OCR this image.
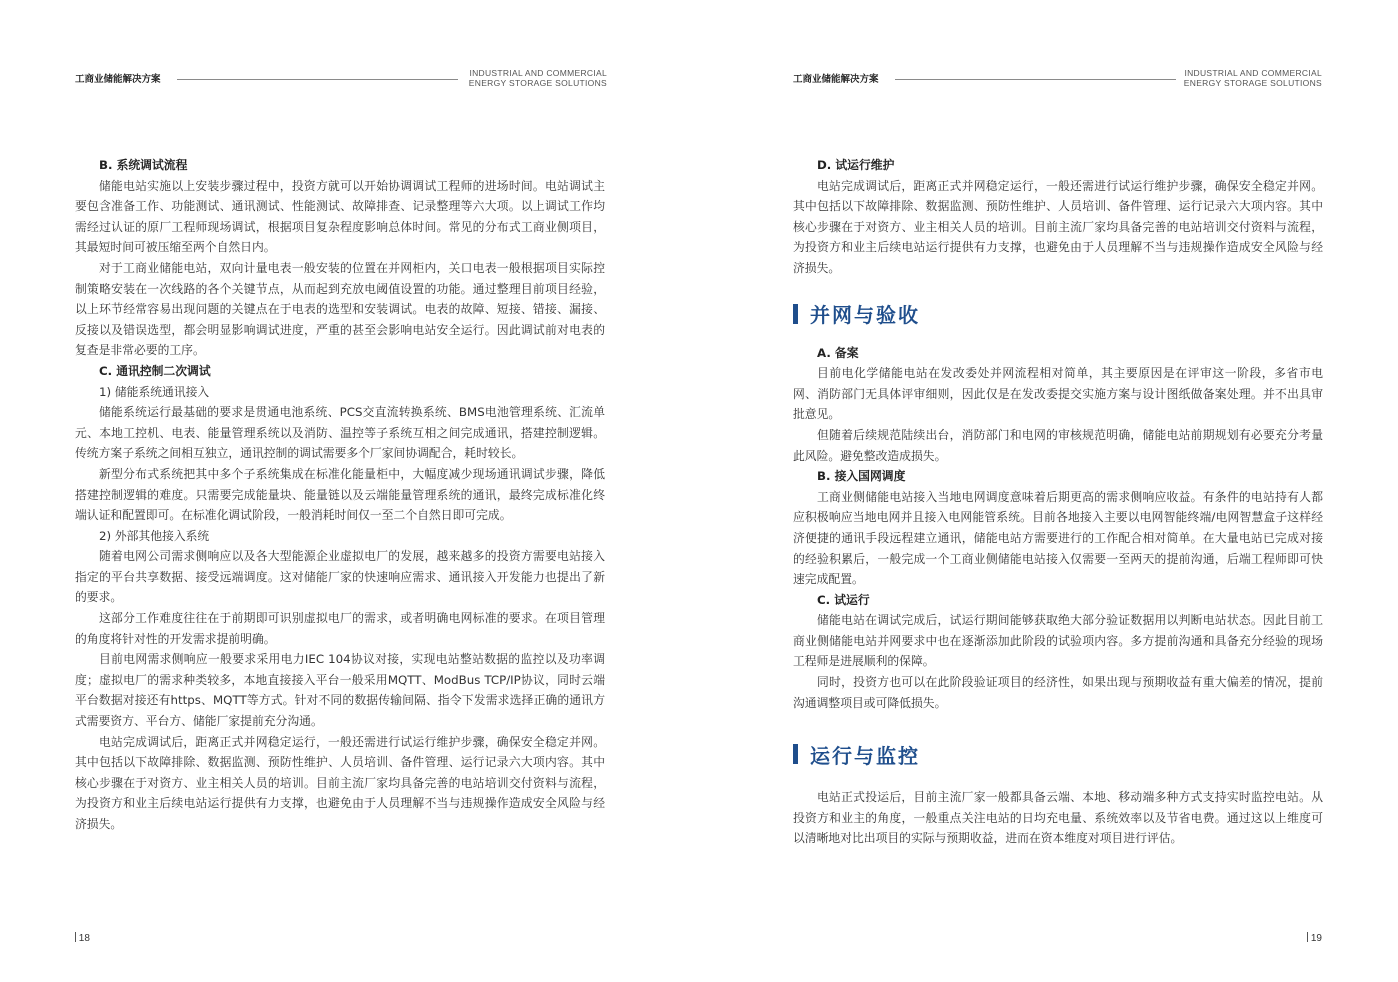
工商业储能解决方案
INDUSTRIAL AND COMMERCIAL
ENERGY STORAGE SOLUTIONS
B. 系统调试流程

储能电站实施以上安装步骤过程中，投资方就可以开始协调调试工程师的进场时间。电站调试主要包含准备工作、功能测试、通讯测试、性能测试、故障排查、记录整理等六大项。以上调试工作均需经过认证的原厂工程师现场调试，根据项目复杂程度影响总体时间。常见的分布式工商业侧项目，其最短时间可被压缩至两个自然日内。

对于工商业储能电站，双向计量电表一般安装的位置在并网柜内，关口电表一般根据项目实际控制策略安装在一次线路的各个关键节点，从而起到充放电阈值设置的功能。通过整理目前项目经验，以上环节经常容易出现问题的关键点在于电表的选型和安装调试。电表的故障、短接、错接、漏接、反接以及错误选型，都会明显影响调试进度，严重的甚至会影响电站安全运行。因此调试前对电表的复查是非常必要的工序。

C. 通讯控制二次调试
1) 储能系统通讯接入

储能系统运行最基础的要求是贯通电池系统、PCS交直流转换系统、BMS电池管理系统、汇流单元、本地工控机、电表、能量管理系统以及消防、温控等子系统互相之间完成通讯，搭建控制逻辑。传统方案子系统之间相互独立，通讯控制的调试需要多个厂家间协调配合，耗时较长。

新型分布式系统把其中多个子系统集成在标准化能量柜中，大幅度减少现场通讯调试步骤，降低搭建控制逻辑的难度。只需要完成能量块、能量链以及云端能量管理系统的通讯，最终完成标准化终端认证和配置即可。在标准化调试阶段，一般消耗时间仅一至二个自然日即可完成。

2) 外部其他接入系统

随着电网公司需求侧响应以及各大型能源企业虚拟电厂的发展，越来越多的投资方需要电站接入指定的平台共享数据、接受远端调度。这对储能厂家的快速响应需求、通讯接入开发能力也提出了新的要求。

这部分工作难度往往在于前期即可识别虚拟电厂的需求，或者明确电网标准的要求。在项目管理的角度将针对性的开发需求提前明确。

目前电网需求侧响应一般要求采用电力IEC 104协议对接，实现电站整站数据的监控以及功率调度；虚拟电厂的需求种类较多，本地直接接入平台一般采用MQTT、ModBus TCP/IP协议，同时云端平台数据对接还有https、MQTT等方式。针对不同的数据传输间隔、指令下发需求选择正确的通讯方式需要资方、平台方、储能厂家提前充分沟通。

电站完成调试后，距离正式并网稳定运行，一般还需进行试运行维护步骤，确保安全稳定并网。其中包括以下故障排除、数据监测、预防性维护、人员培训、备件管理、运行记录六大项内容。其中核心步骤在于对资方、业主相关人员的培训。目前主流厂家均具备完善的电站培训交付资料与流程，为投资方和业主后续电站运行提供有力支撑，也避免由于人员理解不当与违规操作造成安全风险与经济损失。

18
工商业储能解决方案
INDUSTRIAL AND COMMERCIAL
ENERGY STORAGE SOLUTIONS
D. 试运行维护

电站完成调试后，距离正式并网稳定运行，一般还需进行试运行维护步骤，确保安全稳定并网。其中包括以下故障排除、数据监测、预防性维护、人员培训、备件管理、运行记录六大项内容。其中核心步骤在于对资方、业主相关人员的培训。目前主流厂家均具备完善的电站培训交付资料与流程，为投资方和业主后续电站运行提供有力支撑，也避免由于人员理解不当与违规操作造成安全风险与经济损失。

并网与验收
A. 备案

目前电化学储能电站在发改委处并网流程相对简单，其主要原因是在评审这一阶段，多省市电网、消防部门无具体评审细则，因此仅是在发改委提交实施方案与设计图纸做备案处理。并不出具审批意见。

但随着后续规范陆续出台，消防部门和电网的审核规范明确，储能电站前期规划有必要充分考量此风险。避免整改造成损失。

B. 接入国网调度

工商业侧储能电站接入当地电网调度意味着后期更高的需求侧响应收益。有条件的电站持有人都应积极响应当地电网并且接入电网能管系统。目前各地接入主要以电网智能终端/电网智慧盒子这样经济便捷的通讯手段远程建立通讯，储能电站方需要进行的工作配合相对简单。在大量电站已完成对接的经验积累后，一般完成一个工商业侧储能电站接入仅需要一至两天的提前沟通，后端工程师即可快速完成配置。

C. 试运行

储能电站在调试完成后，试运行期间能够获取绝大部分验证数据用以判断电站状态。因此目前工商业侧储能电站并网要求中也在逐渐添加此阶段的试验项内容。多方提前沟通和具备充分经验的现场工程师是进展顺利的保障。

同时，投资方也可以在此阶段验证项目的经济性，如果出现与预期收益有重大偏差的情况，提前沟通调整项目或可降低损失。

运行与监控

电站正式投运后，目前主流厂家一般都具备云端、本地、移动端多种方式支持实时监控电站。从投资方和业主的角度，一般重点关注电站的日均充电量、系统效率以及节省电费。通过这以上维度可以清晰地对比出项目的实际与预期收益，进而在资本维度对项目进行评估。

19
